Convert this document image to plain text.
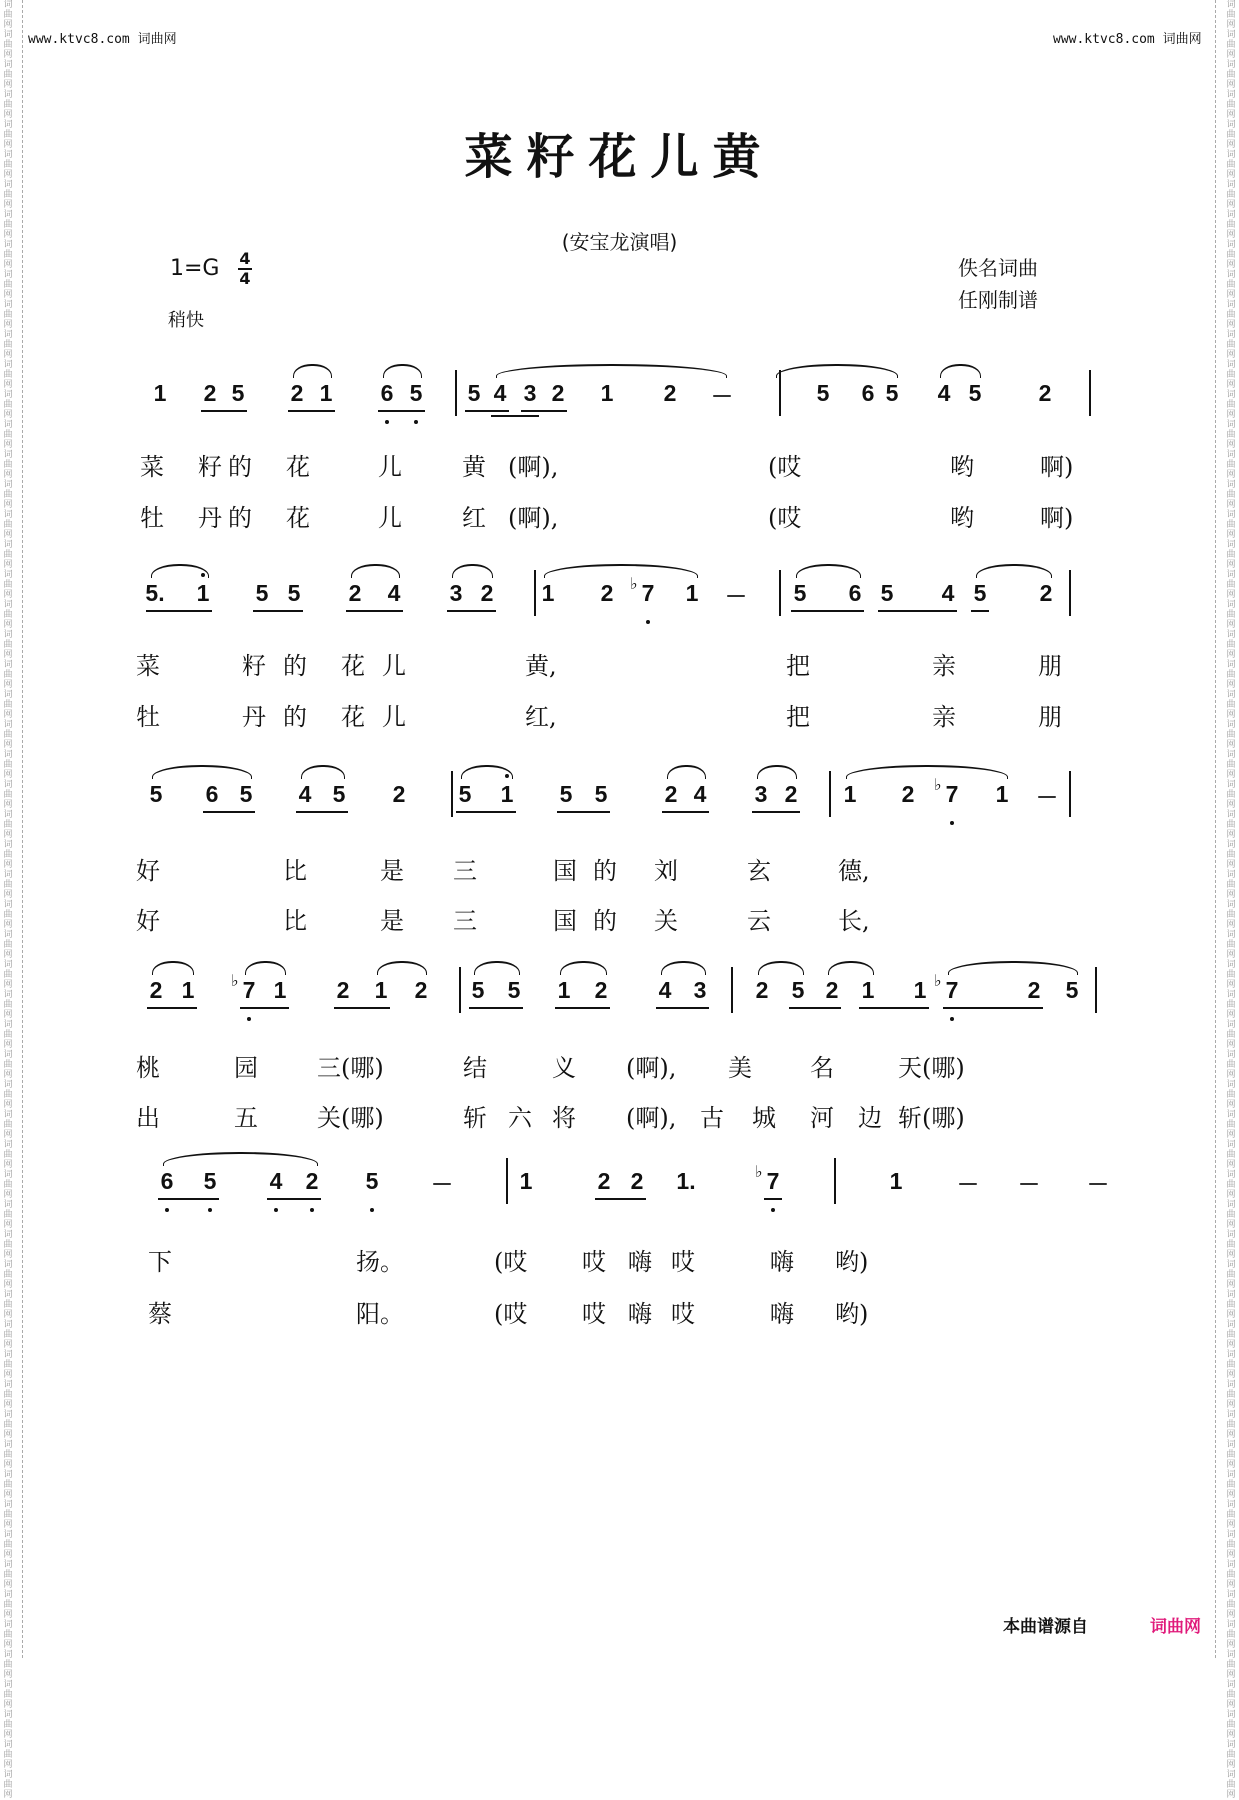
词曲网词曲网词曲网词曲网词曲网词曲网词曲网词曲网词曲网词曲网词曲网词曲网词曲网词曲网词曲网词曲网词曲网词曲网词曲网词曲网词曲网词曲网词曲网词曲网词曲网词曲网词曲网词曲网词曲网词曲网词曲网词曲网词曲网词曲网词曲网词曲网词曲网词曲网词曲网词曲网词曲网词曲网词曲网词曲网词曲网词曲网词曲网词曲网词曲网词曲网词曲网词曲网词曲网词曲网词曲网词曲网词曲网词曲网词曲网词曲网
词曲网词曲网词曲网词曲网词曲网词曲网词曲网词曲网词曲网词曲网词曲网词曲网词曲网词曲网词曲网词曲网词曲网词曲网词曲网词曲网词曲网词曲网词曲网词曲网词曲网词曲网词曲网词曲网词曲网词曲网词曲网词曲网词曲网词曲网词曲网词曲网词曲网词曲网词曲网词曲网词曲网词曲网词曲网词曲网词曲网词曲网词曲网词曲网词曲网词曲网词曲网词曲网词曲网词曲网词曲网词曲网词曲网词曲网词曲网词曲网
www.ktvc8.com 词曲网	www.ktvc8.com 词曲网
菜籽花儿黄
(安宝龙演唱)
1=G 4
4
稍快
佚名词曲
任刚制谱
1 2 5 2 1 6 5 5 4 3 2 1 2 －	5 6 5 4 5 2
菜 籽 的 花	儿	黄 (啊),	(哎	哟	啊)
牡 丹 的 花	儿	红 (啊),	(哎	哟	啊)
5. 1 5 5 2 4 3 2 1 2 7 1 － 5 6 5 4 5 2
♭
菜	籽 的 花 儿	黄,	把	亲	朋
牡	丹 的 花 儿	红,	把	亲	朋
5 6 5 4 5 2 5 1 5 5 2 4 3 2 1 2 7 1 －
♭
好	比	是 三	国 的 刘	玄	德,
好	比	是 三	国 的 关	云	长,
2 1 7 1 2 1 2 5 5 1 2 4 3 2 5 2 1 1 7	2 5
♭	♭
桃	园 三(哪)	结	义 (啊), 美 名	天(哪)
出	五 关(哪)	斩 六 将 (啊), 古 城 河 边 斩(哪)
6 5 4 2 5 －	1	2 2 1.	7	1 － － －
♭
下	扬。	(哎 哎 嗨 哎	嗨 哟)
蔡	阳。	(哎 哎 嗨 哎	嗨 哟)
本曲谱源自	词曲网
